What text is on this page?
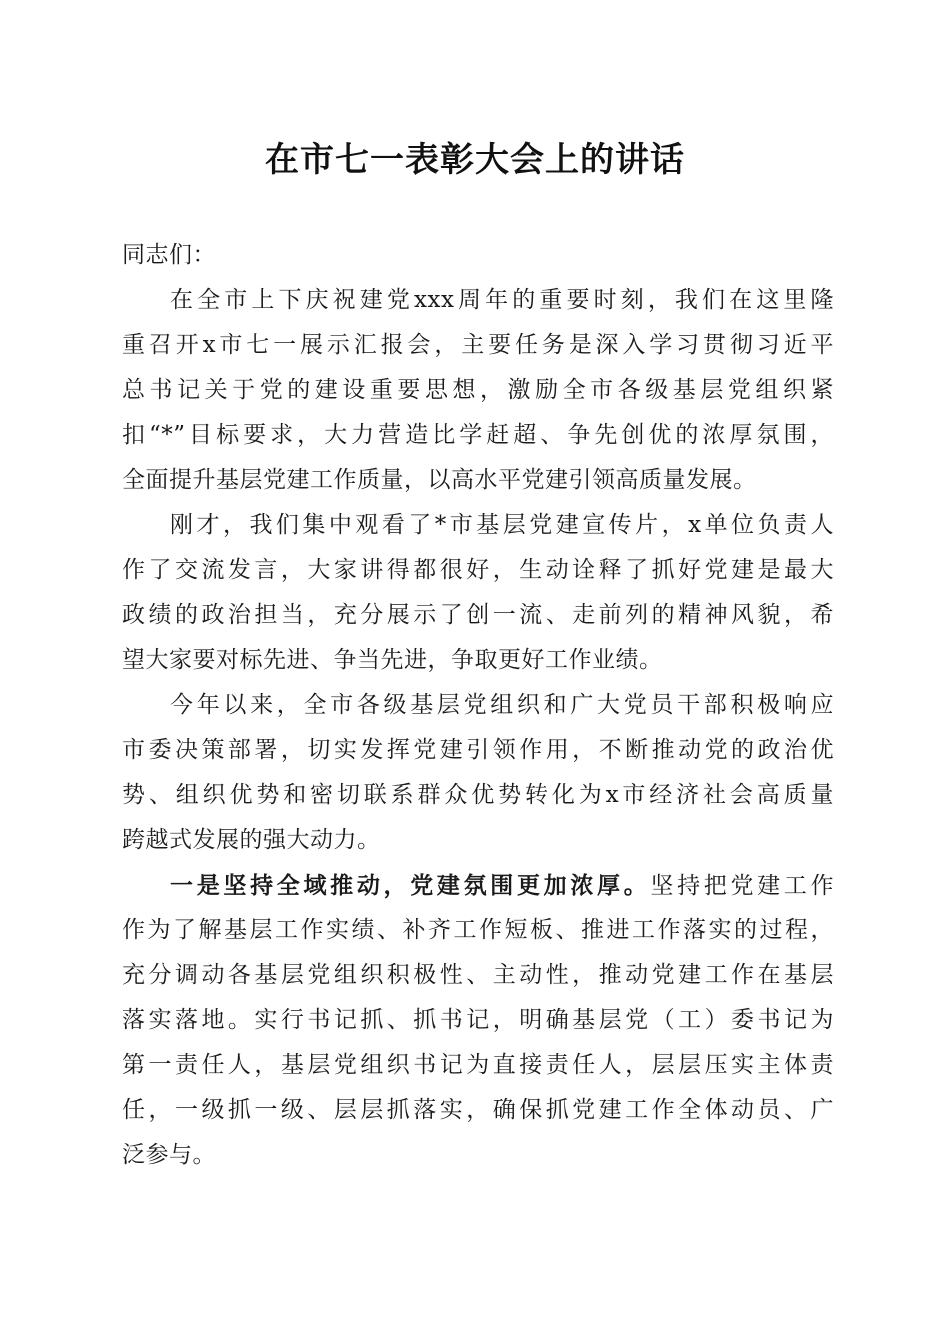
在市七一表彰大会上的讲话
同志们：
在全市上下庆祝建党xxx周年的重要时刻，我们在这里隆
重召开x市七一展示汇报会，主要任务是深入学习贯彻习近平
总书记关于党的建设重要思想，激励全市各级基层党组织紧
扣“*”目标要求，大力营造比学赶超、争先创优的浓厚氛围，
全面提升基层党建工作质量，以高水平党建引领高质量发展。
刚才，我们集中观看了*市基层党建宣传片，x单位负责人
作了交流发言，大家讲得都很好，生动诠释了抓好党建是最大
政绩的政治担当，充分展示了创一流、走前列的精神风貌，希
望大家要对标先进、争当先进，争取更好工作业绩。
今年以来，全市各级基层党组织和广大党员干部积极响应
市委决策部署，切实发挥党建引领作用，不断推动党的政治优
势、组织优势和密切联系群众优势转化为x市经济社会高质量
跨越式发展的强大动力。
一是坚持全域推动，党建氛围更加浓厚。坚持把党建工作
作为了解基层工作实绩、补齐工作短板、推进工作落实的过程，
充分调动各基层党组织积极性、主动性，推动党建工作在基层
落实落地。实行书记抓、抓书记，明确基层党（工）委书记为
第一责任人，基层党组织书记为直接责任人，层层压实主体责
任，一级抓一级、层层抓落实，确保抓党建工作全体动员、广
泛参与。
